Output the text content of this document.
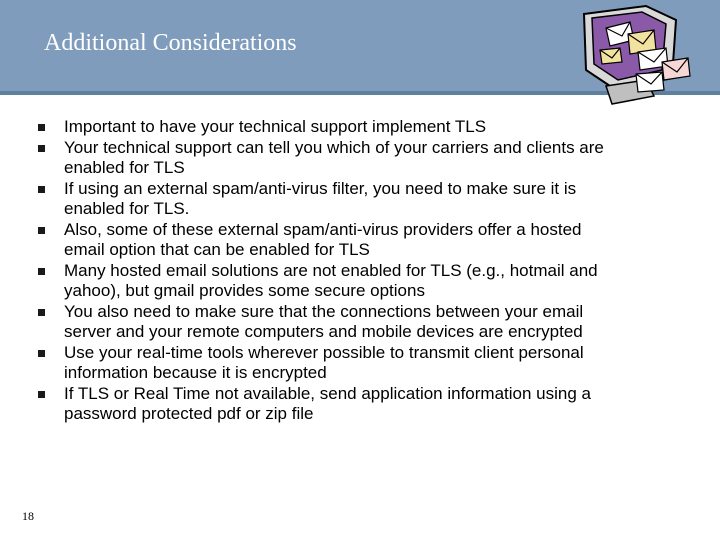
Additional Considerations
Important to have your technical support implement TLS
Your technical support can tell you which of your carriers and clients are enabled for TLS
If using an external spam/anti-virus filter, you need to make sure it is enabled for TLS.
Also, some of these external spam/anti-virus providers offer a hosted email option that can be enabled for TLS
Many hosted email solutions are not enabled for TLS (e.g., hotmail and yahoo), but gmail provides some secure options
You also need to make sure that the connections between your email server and your remote computers and mobile devices are encrypted
Use your real-time tools wherever possible to transmit client personal information because it is encrypted
If TLS or Real Time not available, send application information using a password protected pdf or zip file
18
